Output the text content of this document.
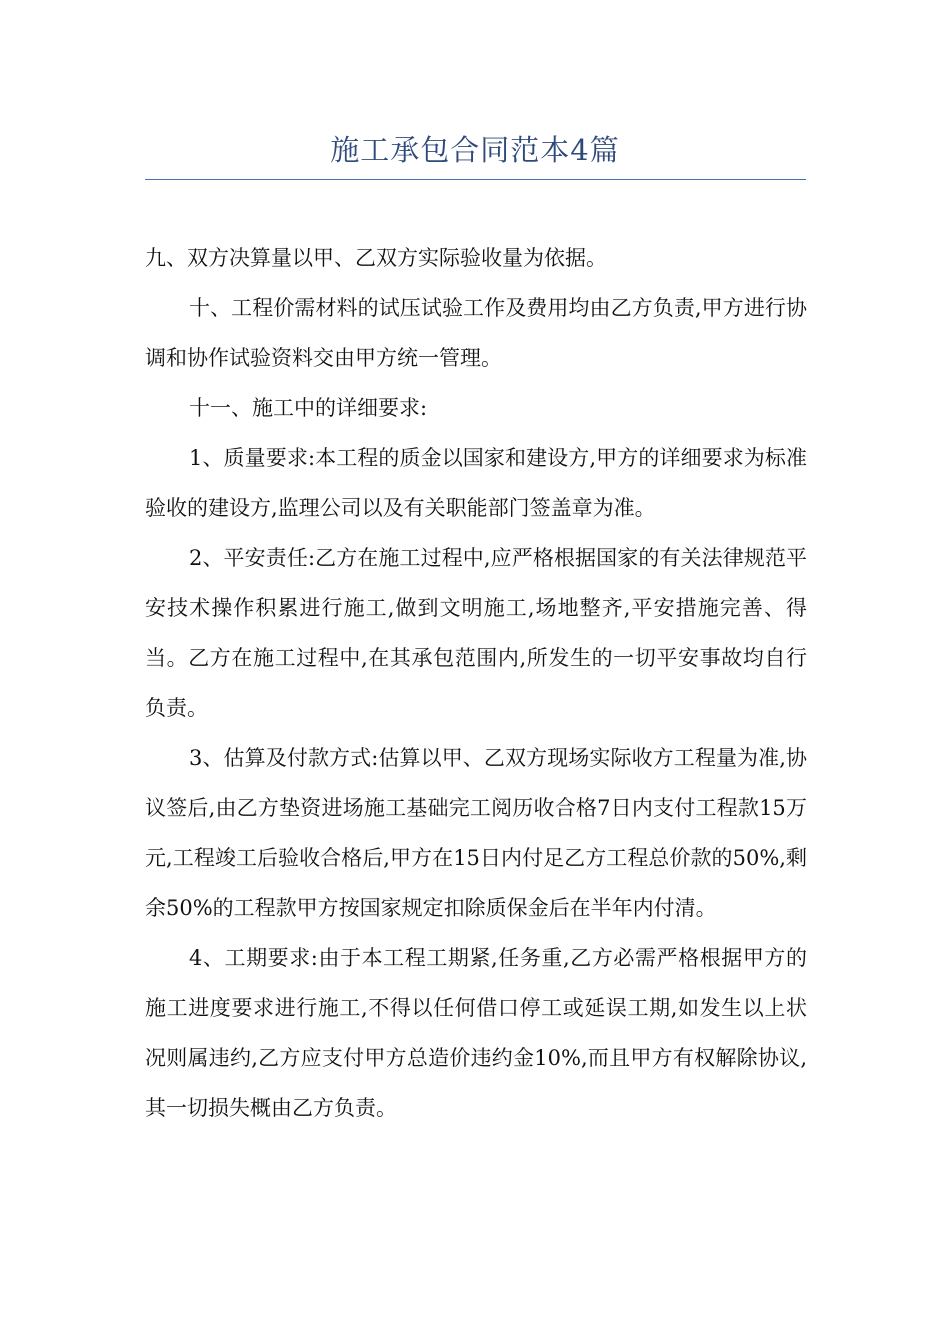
施工承包合同范本4篇

九、双方决算量以甲、乙双方实际验收量为依据。

十、工程价需材料的试压试验工作及费用均由乙方负责,甲方进行协调和协作试验资料交由甲方统一管理。

十一、施工中的详细要求:

1、质量要求:本工程的质金以国家和建设方,甲方的详细要求为标准验收的建设方,监理公司以及有关职能部门签盖章为准。

2、平安责任:乙方在施工过程中,应严格根据国家的有关法律规范平安技术操作积累进行施工,做到文明施工,场地整齐,平安措施完善、得当。乙方在施工过程中,在其承包范围内,所发生的一切平安事故均自行负责。

3、估算及付款方式:估算以甲、乙双方现场实际收方工程量为准,协议签后,由乙方垫资进场施工基础完工阅历收合格7日内支付工程款15万元,工程竣工后验收合格后,甲方在15日内付足乙方工程总价款的50%,剩余50%的工程款甲方按国家规定扣除质保金后在半年内付清。

4、工期要求:由于本工程工期紧,任务重,乙方必需严格根据甲方的施工进度要求进行施工,不得以任何借口停工或延误工期,如发生以上状况则属违约,乙方应支付甲方总造价违约金10%,而且甲方有权解除协议,其一切损失概由乙方负责。
